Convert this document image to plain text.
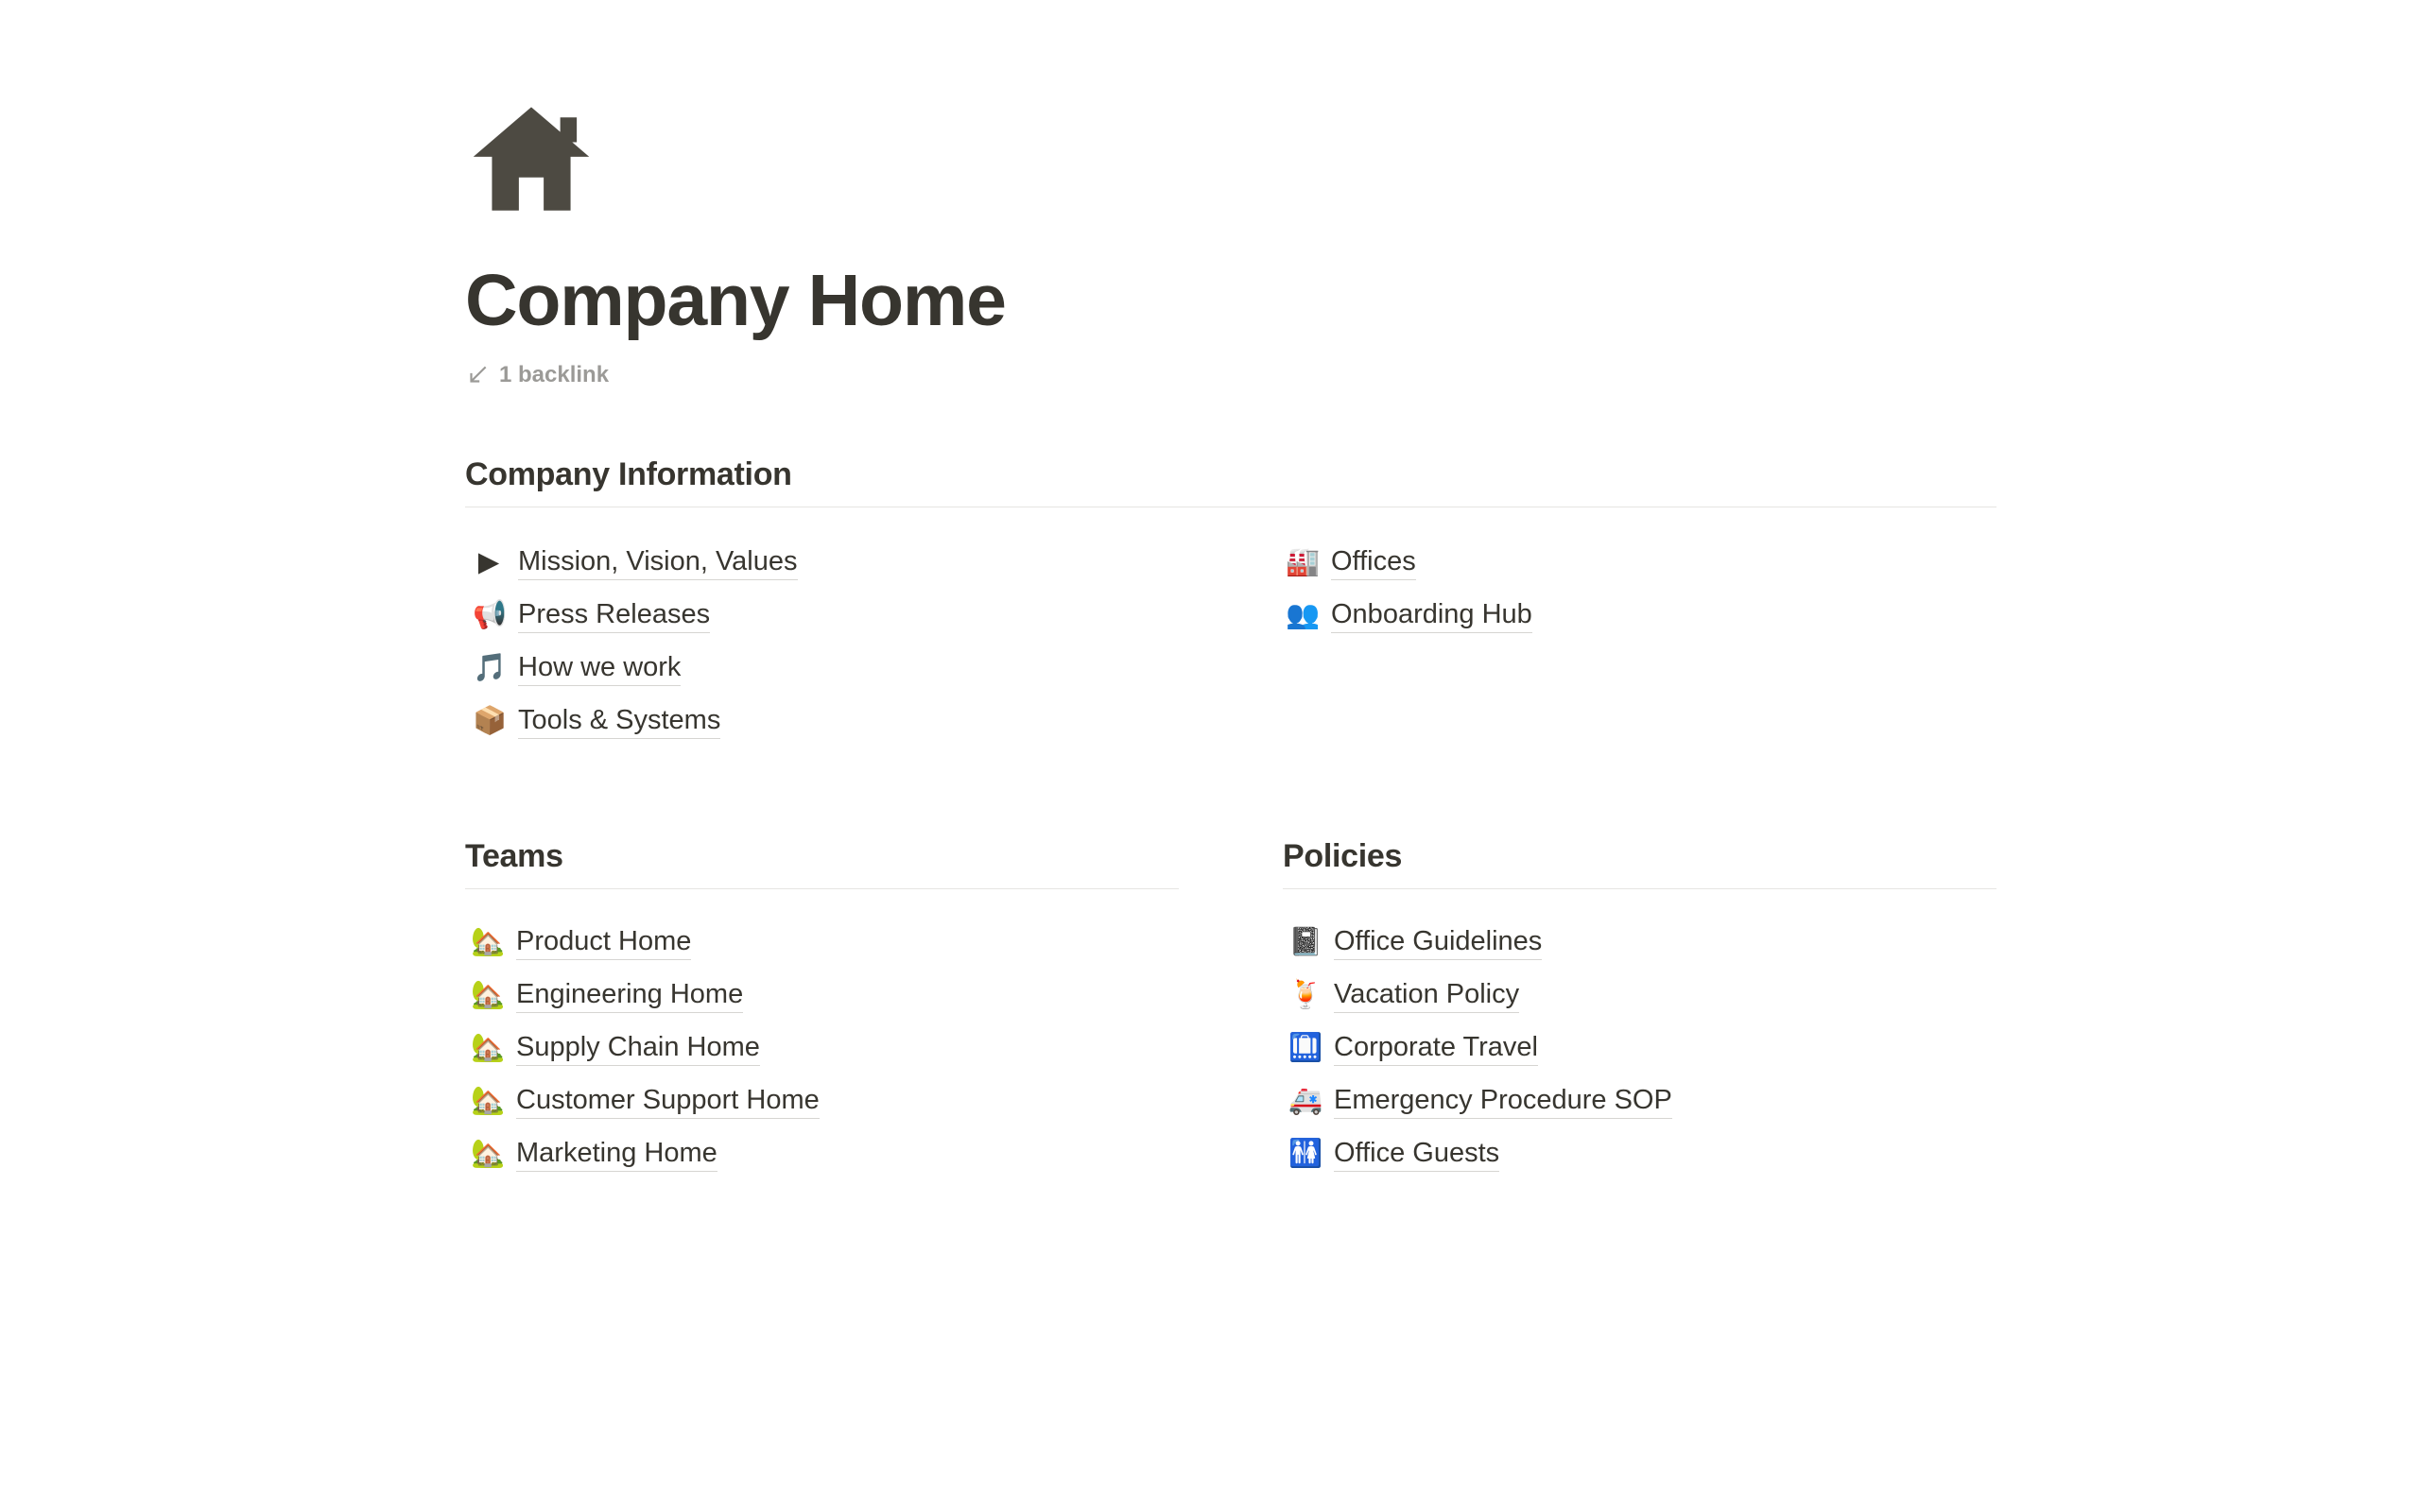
Company Home
1 backlink
Company Information
▶ Mission, Vision, Values
📢 Press Releases
🎵 How we work
📦 Tools & Systems
🏭 Offices
👥 Onboarding Hub
Teams
🏡 Product Home
🏡 Engineering Home
🏡 Supply Chain Home
🏡 Customer Support Home
🏡 Marketing Home
Policies
📓 Office Guidelines
🍹 Vacation Policy
🛄 Corporate Travel
🚑 Emergency Procedure SOP
🚻 Office Guests
